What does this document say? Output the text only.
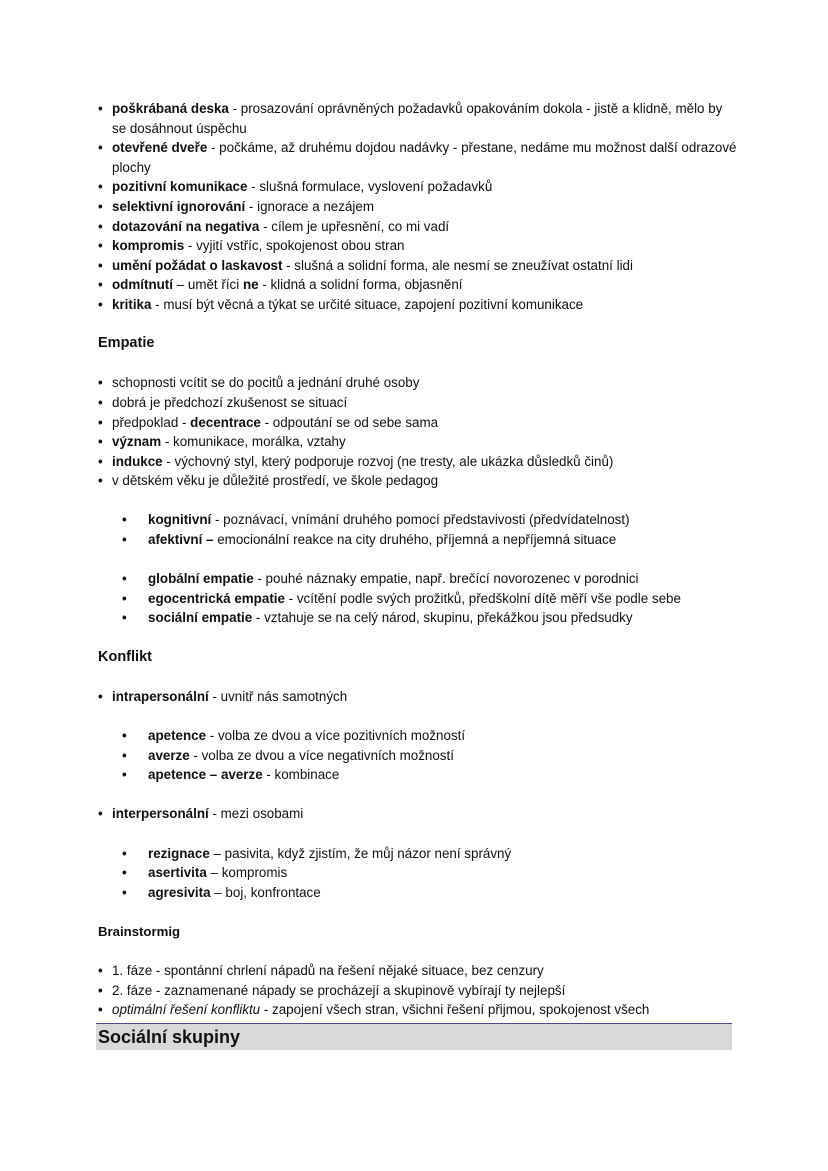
• poškrábaná deska - prosazování oprávněných požadavků opakováním dokola - jistě a klidně, mělo by se dosáhnout úspěchu
• otevřené dveře - počkáme, až druhému dojdou nadávky - přestane, nedáme mu možnost další odrazové plochy
• pozitivní komunikace - slušná formulace, vyslovení požadavků
• selektivní ignorování - ignorace a nezájem
• dotazování na negativa - cílem je upřesnění, co mi vadí
• kompromis - vyjití vstříc, spokojenost obou stran
• umění požádat o laskavost - slušná a solidní forma, ale nesmí se zneužívat ostatní lidi
• odmítnutí – umět říci ne - klidná a solidní forma, objasnění
• kritika - musí být věcná a týkat se určité situace, zapojení pozitivní komunikace
Empatie
• schopnosti vcítit se do pocitů a jednání druhé osoby
• dobrá je předchozí zkušenost se situací
• předpoklad - decentrace - odpoutání se od sebe sama
• význam - komunikace, morálka, vztahy
• indukce - výchovný styl, který podporuje rozvoj (ne tresty, ale ukázka důsledků činů)
• v dětském věku je důležité prostředí, ve škole pedagog
• kognitivní - poznávací, vnímání druhého pomocí představivosti (předvídatelnost)
• afektivní – emocionální reakce na city druhého, příjemná a nepříjemná situace
• globální empatie - pouhé náznaky empatie, např. brečící novorozenec v porodnici
• egocentrická empatie - vcítění podle svých prožitků, předškolní dítě měří vše podle sebe
• sociální empatie - vztahuje se na celý národ, skupinu, překážkou jsou předsudky
Konflikt
• intrapersonální - uvnitř nás samotných
• apetence - volba ze dvou a více pozitivních možností
• averze - volba ze dvou a více negativních možností
• apetence – averze - kombinace
• interpersonální - mezi osobami
• rezignace – pasivita, když zjistím, že můj názor není správný
• asertivita – kompromis
• agresivita – boj, konfrontace
Brainstormig
• 1. fáze - spontánní chrlení nápadů na řešení nějaké situace, bez cenzury
• 2. fáze - zaznamenané nápady se procházejí a skupinově vybírají ty nejlepší
• optimální řešení konfliktu - zapojení všech stran, všichni řešení přijmou, spokojenost všech
Sociální skupiny
